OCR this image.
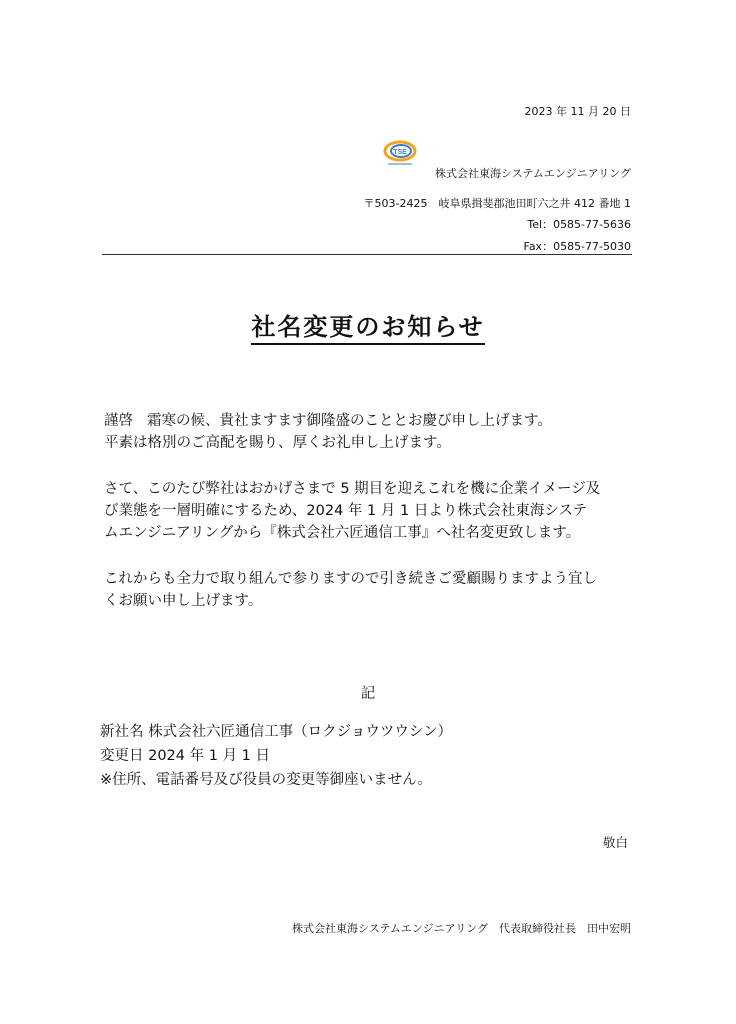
2023 年 11 月 20 日
TSE
株式会社東海システムエンジニアリング
〒503-2425　岐阜県揖斐郡池田町六之井 412 番地 1
Tel：0585-77-5636
Fax：0585-77-5030
社名変更のお知らせ
謹啓 霜寒の候、貴社ますます御隆盛のこととお慶び申し上げます。
平素は格別のご高配を賜り、厚くお礼申し上げます。
さて、このたび弊社はおかげさまで 5 期目を迎えこれを機に企業イメージ及
び業態を一層明確にするため、2024 年 1 月 1 日より株式会社東海システ
ムエンジニアリングから『株式会社六匠通信工事』へ社名変更致します。
これからも全力で取り組んで参りますので引き続きご愛顧賜りますよう宜し
くお願い申し上げます。
記
新社名 株式会社六匠通信工事（ロクジョウツウシン）
変更日 2024 年 1 月 1 日
※住所、電話番号及び役員の変更等御座いません。
敬白
株式会社東海システムエンジニアリング　代表取締役社長　田中宏明
